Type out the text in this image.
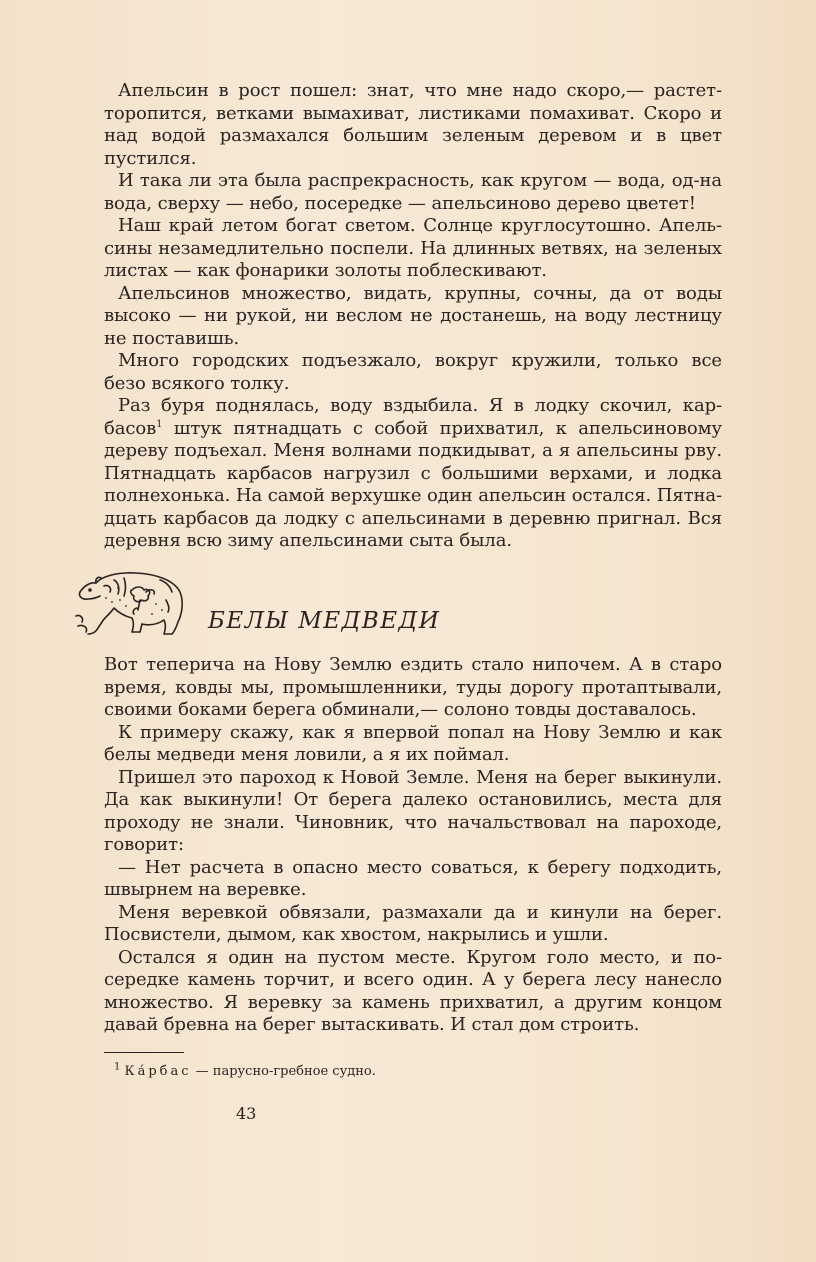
Апельсин в рост пошел: знат, что мне надо скоро,— растет-торопится, ветками вымахиват, листиками помахиват. Скоро и над водой размахался большим зеленым деревом и в цвет пустился.

И така ли эта была распрекрасность, как кругом — вода, од-на вода, сверху — небо, посередке — апельсиново дерево цветет!

Наш край летом богат светом. Солнце круглосутошно. Апель-сины незамедлительно поспели. На длинных ветвях, на зеленых листах — как фонарики золоты поблескивают.

Апельсинов множество, видать, крупны, сочны, да от воды высоко — ни рукой, ни веслом не достанешь, на воду лестницу не поставишь.

Много городских подъезжало, вокруг кружили, только все безо всякого толку.

Раз буря поднялась, воду вздыбила. Я в лодку скочил, кар-басов$^1$ штук пятнадцать с собой прихватил, к апельсиновому дереву подъехал. Меня волнами подкидыват, а я апельсины рву. Пятнадцать карбасов нагрузил с большими верхами, и лодка полнехонька. На самой верхушке один апельсин остался. Пятна-дцать карбасов да лодку с апельсинами в деревню пригнал. Вся деревня всю зиму апельсинами сыта была.

БЕЛЫ МЕДВЕДИ

Вот теперича на Нову Землю ездить стало нипочем. А в старо время, ковды мы, промышленники, туды дорогу протаптывали, своими боками берега обминали,— солоно товды доставалось.

К примеру скажу, как я впервой попал на Нову Землю и как белы медведи меня ловили, а я их поймал.

Пришел это пароход к Новой Земле. Меня на берег выкинули. Да как выкинули! От берега далеко остановились, места для проходу не знали. Чиновник, что начальствовал на пароходе, говорит:

— Нет расчета в опасно место соваться, к берегу подходить, швырнем на веревке.

Меня веревкой обвязали, размахали да и кинули на берег. Посвистели, дымом, как хвостом, накрылись и ушли.

Остался я один на пустом месте. Кругом голо место, и по-середке камень торчит, и всего один. А у берега лесу нанесло множество. Я веревку за камень прихватил, а другим концом давай бревна на берег вытаскивать. И стал дом строить.

$^1$ Ка́рбас — парусно-гребное судно.
43
